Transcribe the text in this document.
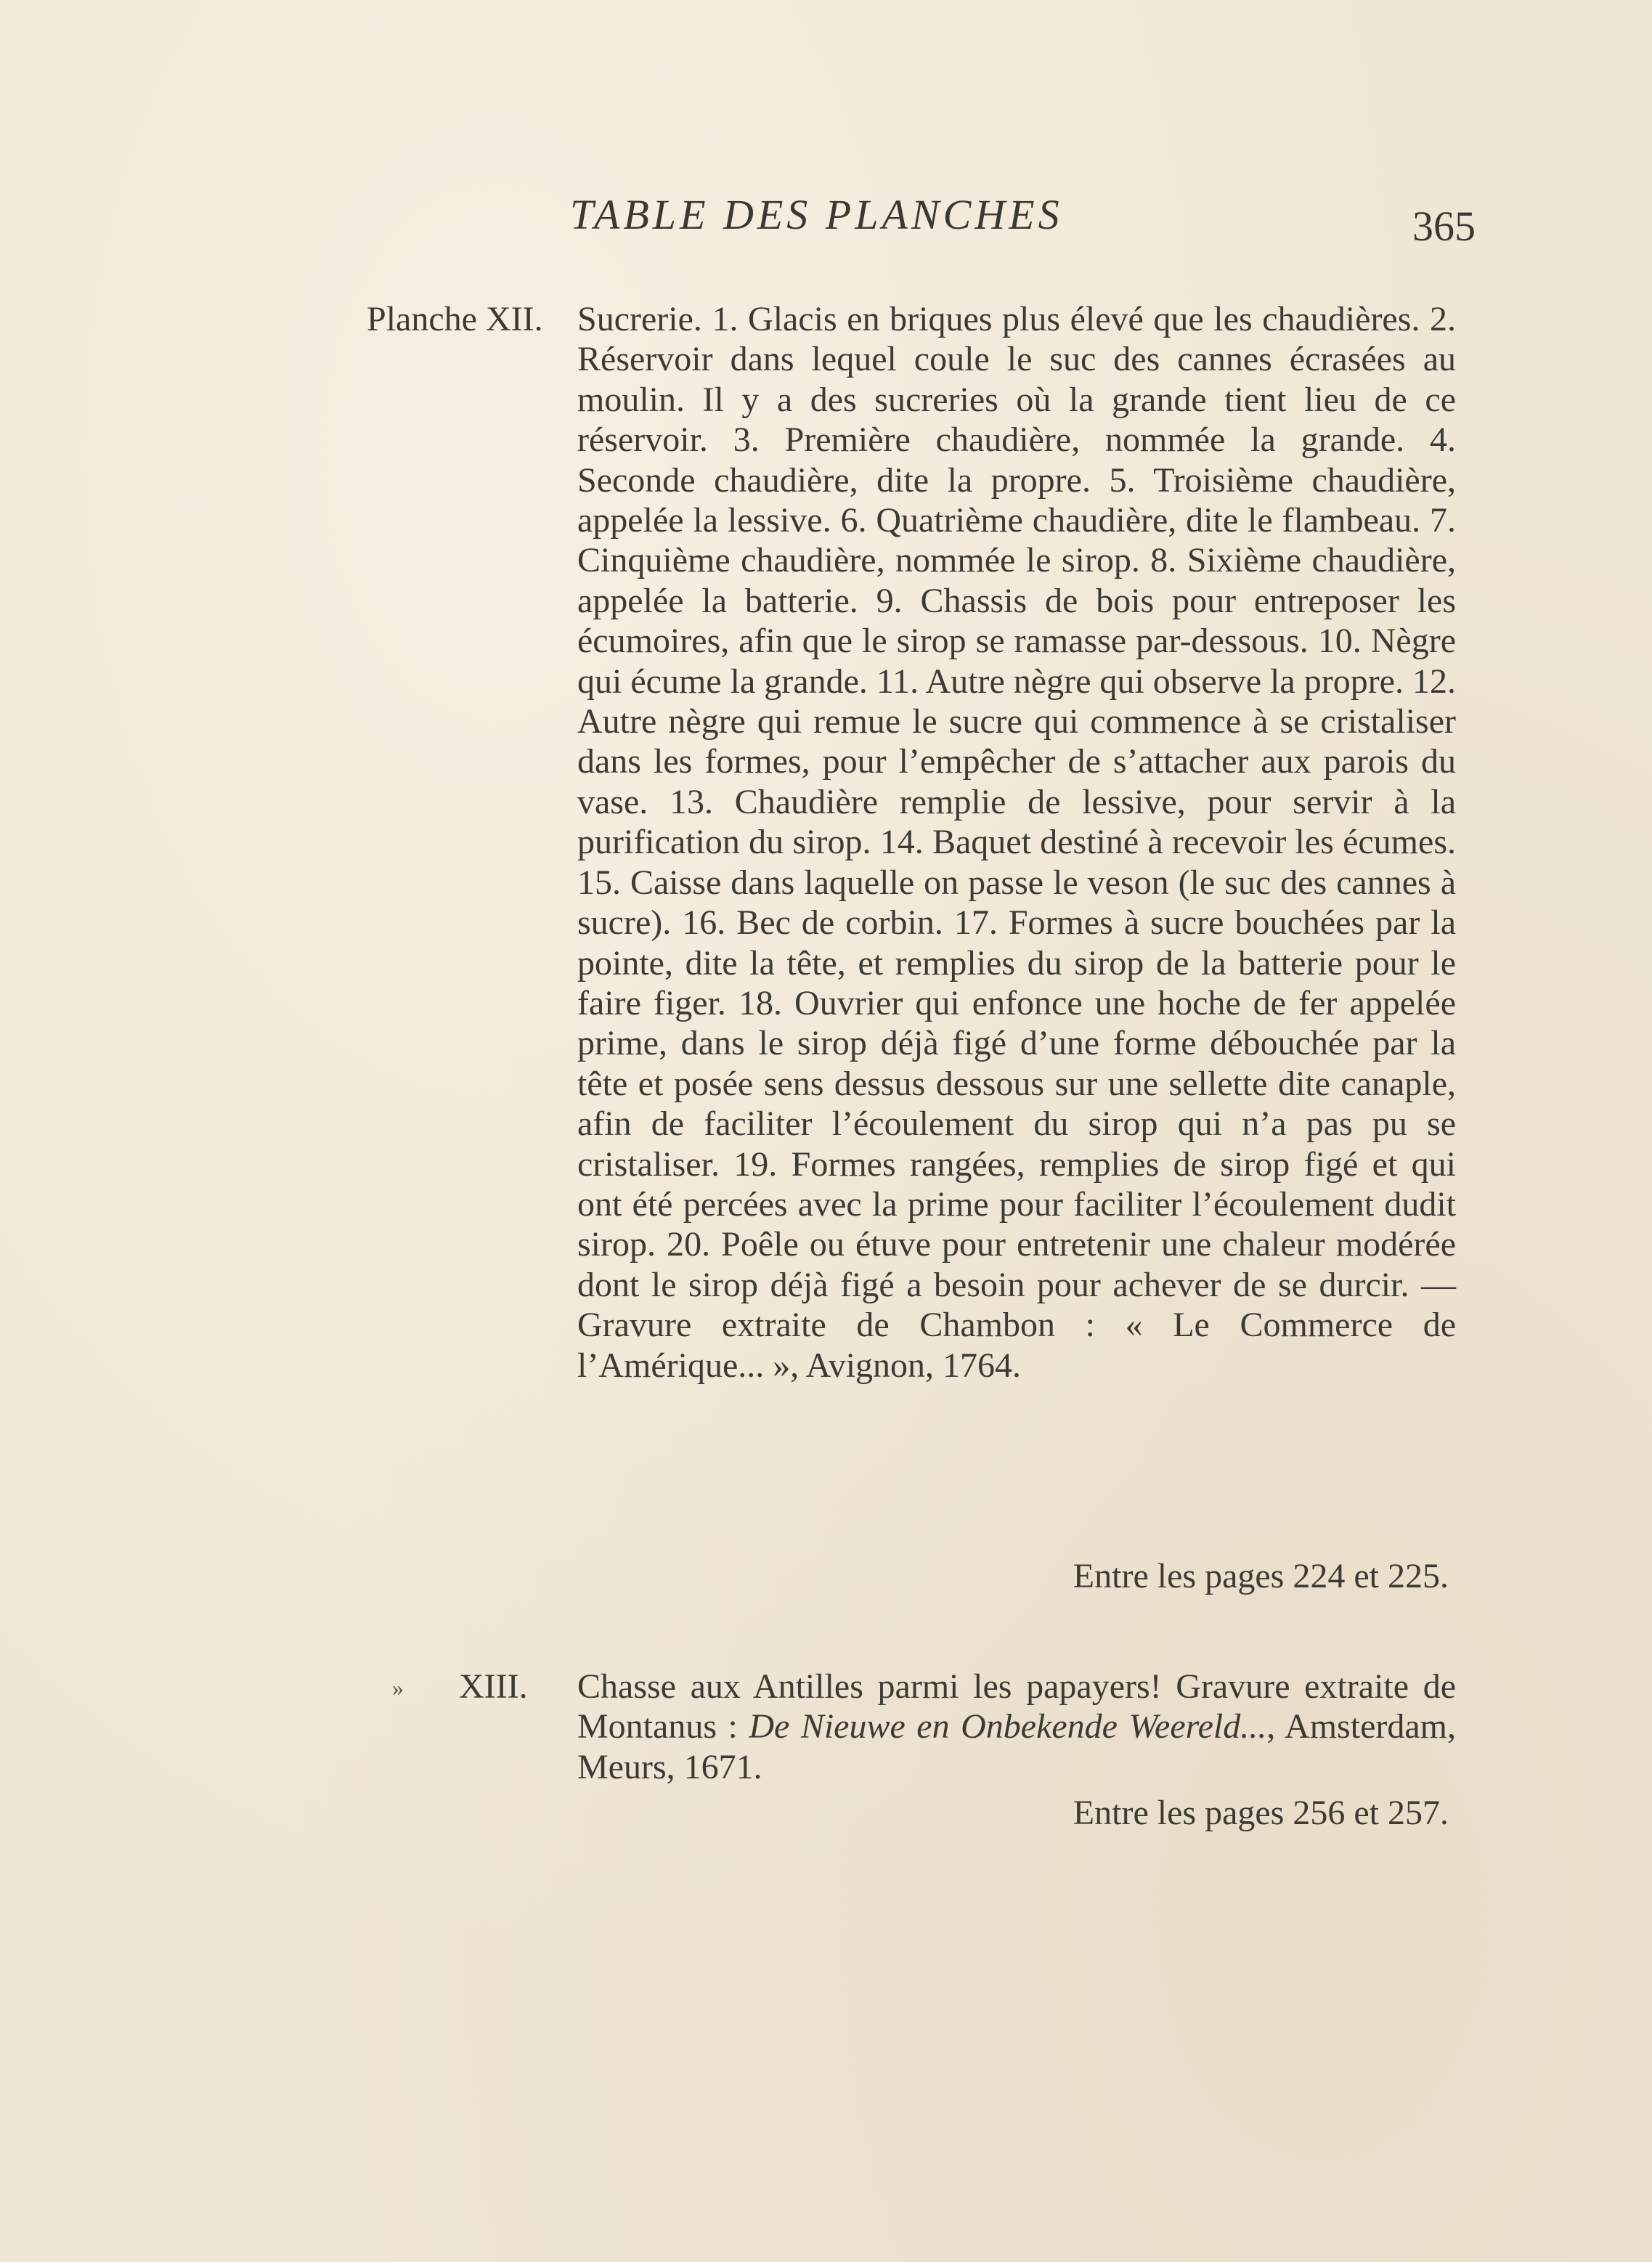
TABLE DES PLANCHES	365
Planche XII. Sucrerie. 1. Glacis en briques plus élevé que les chaudières. 2. Réservoir dans lequel coule le suc des cannes écrasées au moulin. Il y a des sucreries où la grande tient lieu de ce réservoir. 3. Première chaudière, nommée la grande. 4. Seconde chaudière, dite la propre. 5. Troisième chaudière, appelée la lessive. 6. Quatrième chaudière, dite le flambeau. 7. Cinquième chaudière, nommée le sirop. 8. Sixième chaudière, appelée la batterie. 9. Chassis de bois pour entreposer les écumoires, afin que le sirop se ramasse par-dessous. 10. Nègre qui écume la grande. 11. Autre nègre qui observe la propre. 12. Autre nègre qui remue le sucre qui commence à se cristaliser dans les formes, pour l’empêcher de s’attacher aux parois du vase. 13. Chaudière remplie de lessive, pour servir à la purification du sirop. 14. Baquet destiné à recevoir les écumes. 15. Caisse dans laquelle on passe le veson (le suc des cannes à sucre). 16. Bec de corbin. 17. Formes à sucre bouchées par la pointe, dite la tête, et remplies du sirop de la batterie pour le faire figer. 18. Ouvrier qui enfonce une hoche de fer appelée prime, dans le sirop déjà figé d’une forme débouchée par la tête et posée sens dessus dessous sur une sellette dite canaple, afin de faciliter l’écoulement du sirop qui n’a pas pu se cristaliser. 19. Formes rangées, remplies de sirop figé et qui ont été percées avec la prime pour faciliter l’écoulement dudit sirop. 20. Poêle ou étuve pour entretenir une chaleur modérée dont le sirop déjà figé a besoin pour achever de se durcir. — Gravure extraite de Chambon : « Le Commerce de l’Amérique... », Avignon, 1764.
Entre les pages 224 et 225.
» XIII. Chasse aux Antilles parmi les papayers! Gravure extraite de Montanus : De Nieuwe en Onbekende Weereld..., Amsterdam, Meurs, 1671.
Entre les pages 256 et 257.
